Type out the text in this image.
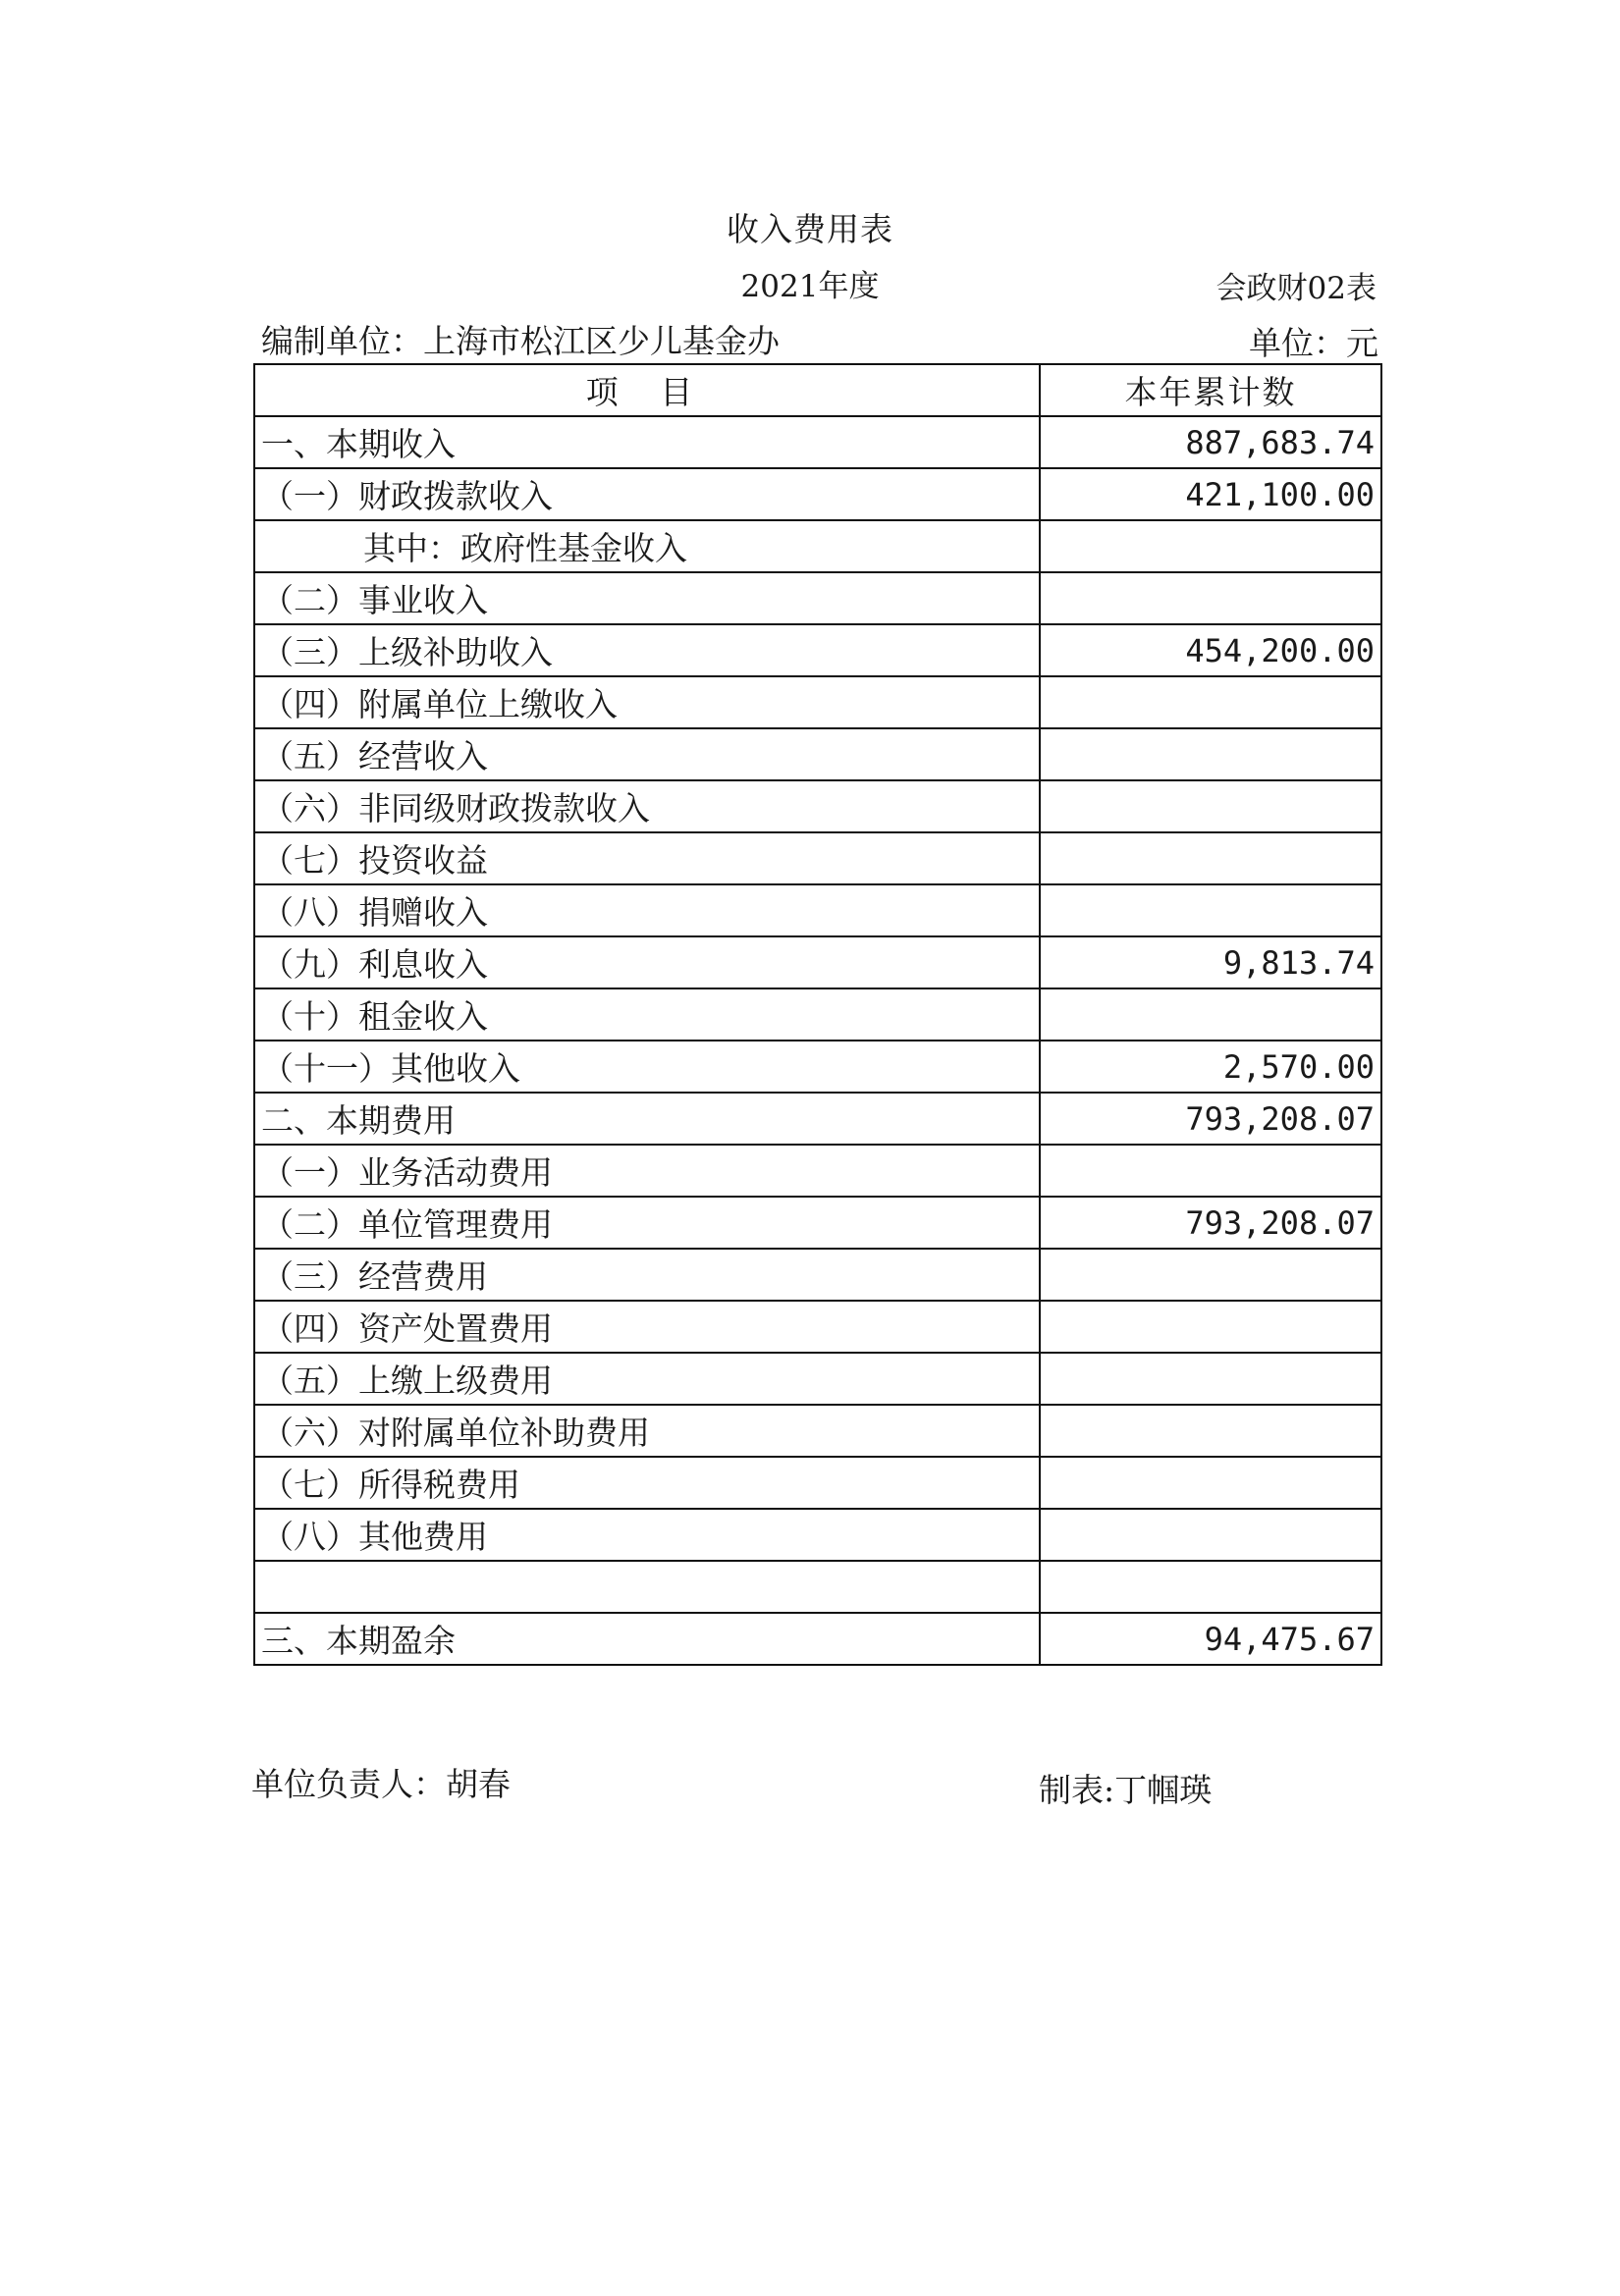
收入费用表
2021年度	会政财02表
编制单位：上海市松江区少儿基金办	单位：元
项 目	本年累计数
一、本期收入	887,683.74
（一）财政拨款收入	421,100.00
其中：政府性基金收入	
（二）事业收入	
（三）上级补助收入	454,200.00
（四）附属单位上缴收入	
（五）经营收入	
（六）非同级财政拨款收入	
（七）投资收益	
（八）捐赠收入	
（九）利息收入	9,813.74
（十）租金收入	
（十一）其他收入	2,570.00
二、本期费用	793,208.07
（一）业务活动费用	
（二）单位管理费用	793,208.07
（三）经营费用	
（四）资产处置费用	
（五）上缴上级费用	
（六）对附属单位补助费用	
（七）所得税费用	
（八）其他费用	

三、本期盈余	94,475.67
单位负责人：胡春	制表:丁帼瑛
